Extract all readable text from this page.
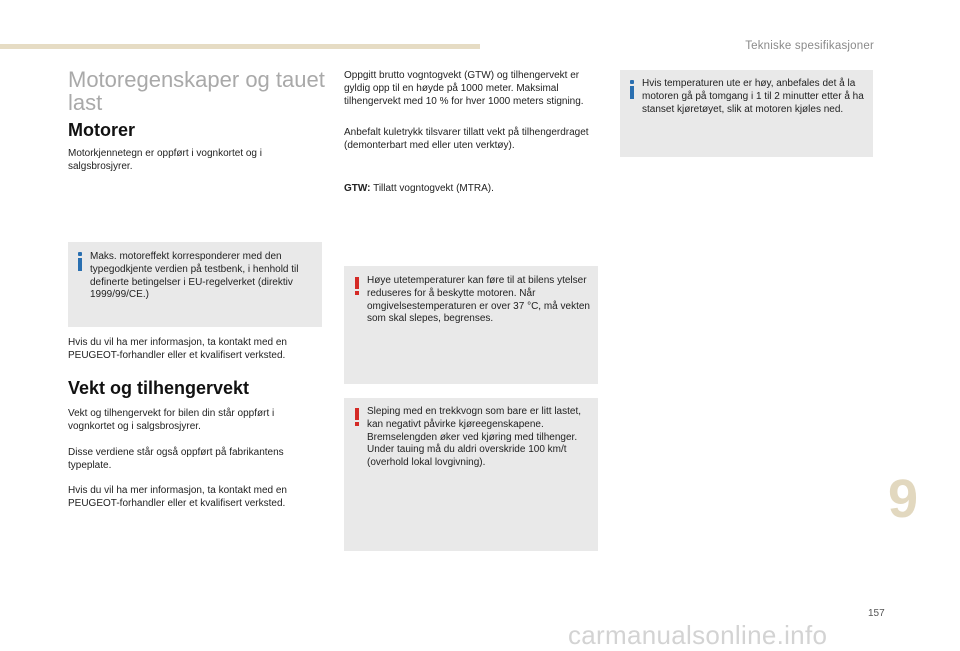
Tekniske spesifikasjoner
Motoregenskaper og tauet last
Motorer
Motorkjennetegn er oppført i vognkortet og i salgsbrosjyrer.
Maks. motoreffekt korresponderer med den typegodkjente verdien på testbenk, i henhold til definerte betingelser i EU-regelverket (direktiv 1999/99/CE.)
Hvis du vil ha mer informasjon, ta kontakt med en PEUGEOT-forhandler eller et kvalifisert verksted.
Vekt og tilhengervekt
Vekt og tilhengervekt for bilen din står oppført i vognkortet og i salgsbrosjyrer.
Disse verdiene står også oppført på fabrikantens typeplate.
Hvis du vil ha mer informasjon, ta kontakt med en PEUGEOT-forhandler eller et kvalifisert verksted.
Oppgitt brutto vogntogvekt (GTW) og tilhengervekt er gyldig opp til en høyde på 1000 meter. Maksimal tilhengervekt med 10 % for hver 1000 meters stigning.
Anbefalt kuletrykk tilsvarer tillatt vekt på tilhengerdraget (demonterbart med eller uten verktøy).
GTW: Tillatt vogntogvekt (MTRA).
Høye utetemperaturer kan føre til at bilens ytelser reduseres for å beskytte motoren. Når omgivelsestemperaturen er over 37 °C, må vekten som skal slepes, begrenses.
Sleping med en trekkvogn som bare er litt lastet, kan negativt påvirke kjøreegenskapene.
Bremselengden øker ved kjøring med tilhenger.
Under tauing må du aldri overskride 100 km/t (overhold lokal lovgivning).
Hvis temperaturen ute er høy, anbefales det å la motoren gå på tomgang i 1 til 2 minutter etter å ha stanset kjøretøyet, slik at motoren kjøles ned.
9
157
carmanualsonline.info
